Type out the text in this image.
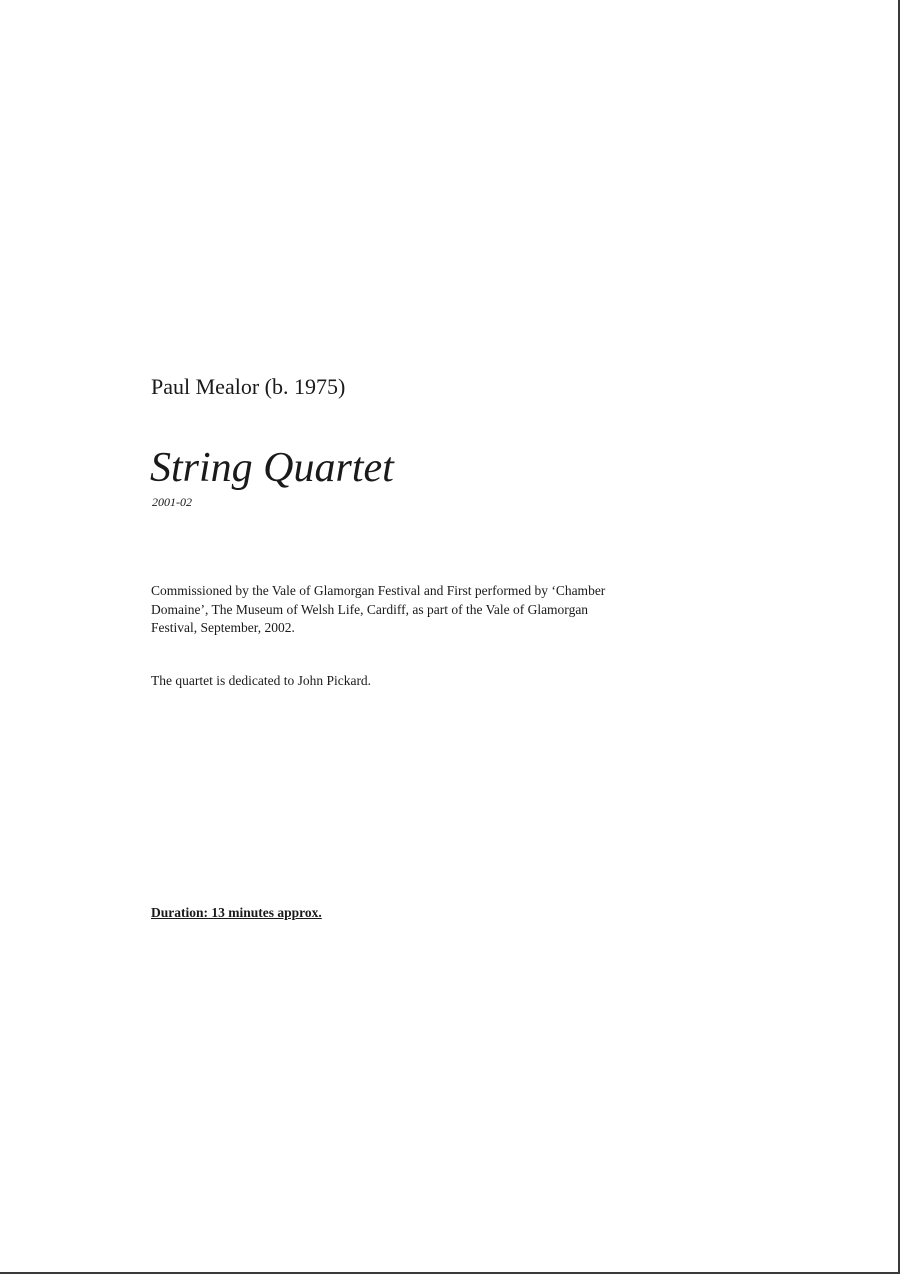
Paul Mealor (b. 1975)
String Quartet
2001-02
Commissioned by the Vale of Glamorgan Festival and First performed by ‘Chamber
Domaine’, The Museum of Welsh Life, Cardiff, as part of the Vale of Glamorgan
Festival, September, 2002.
The quartet is dedicated to John Pickard.
Duration: 13 minutes approx.
